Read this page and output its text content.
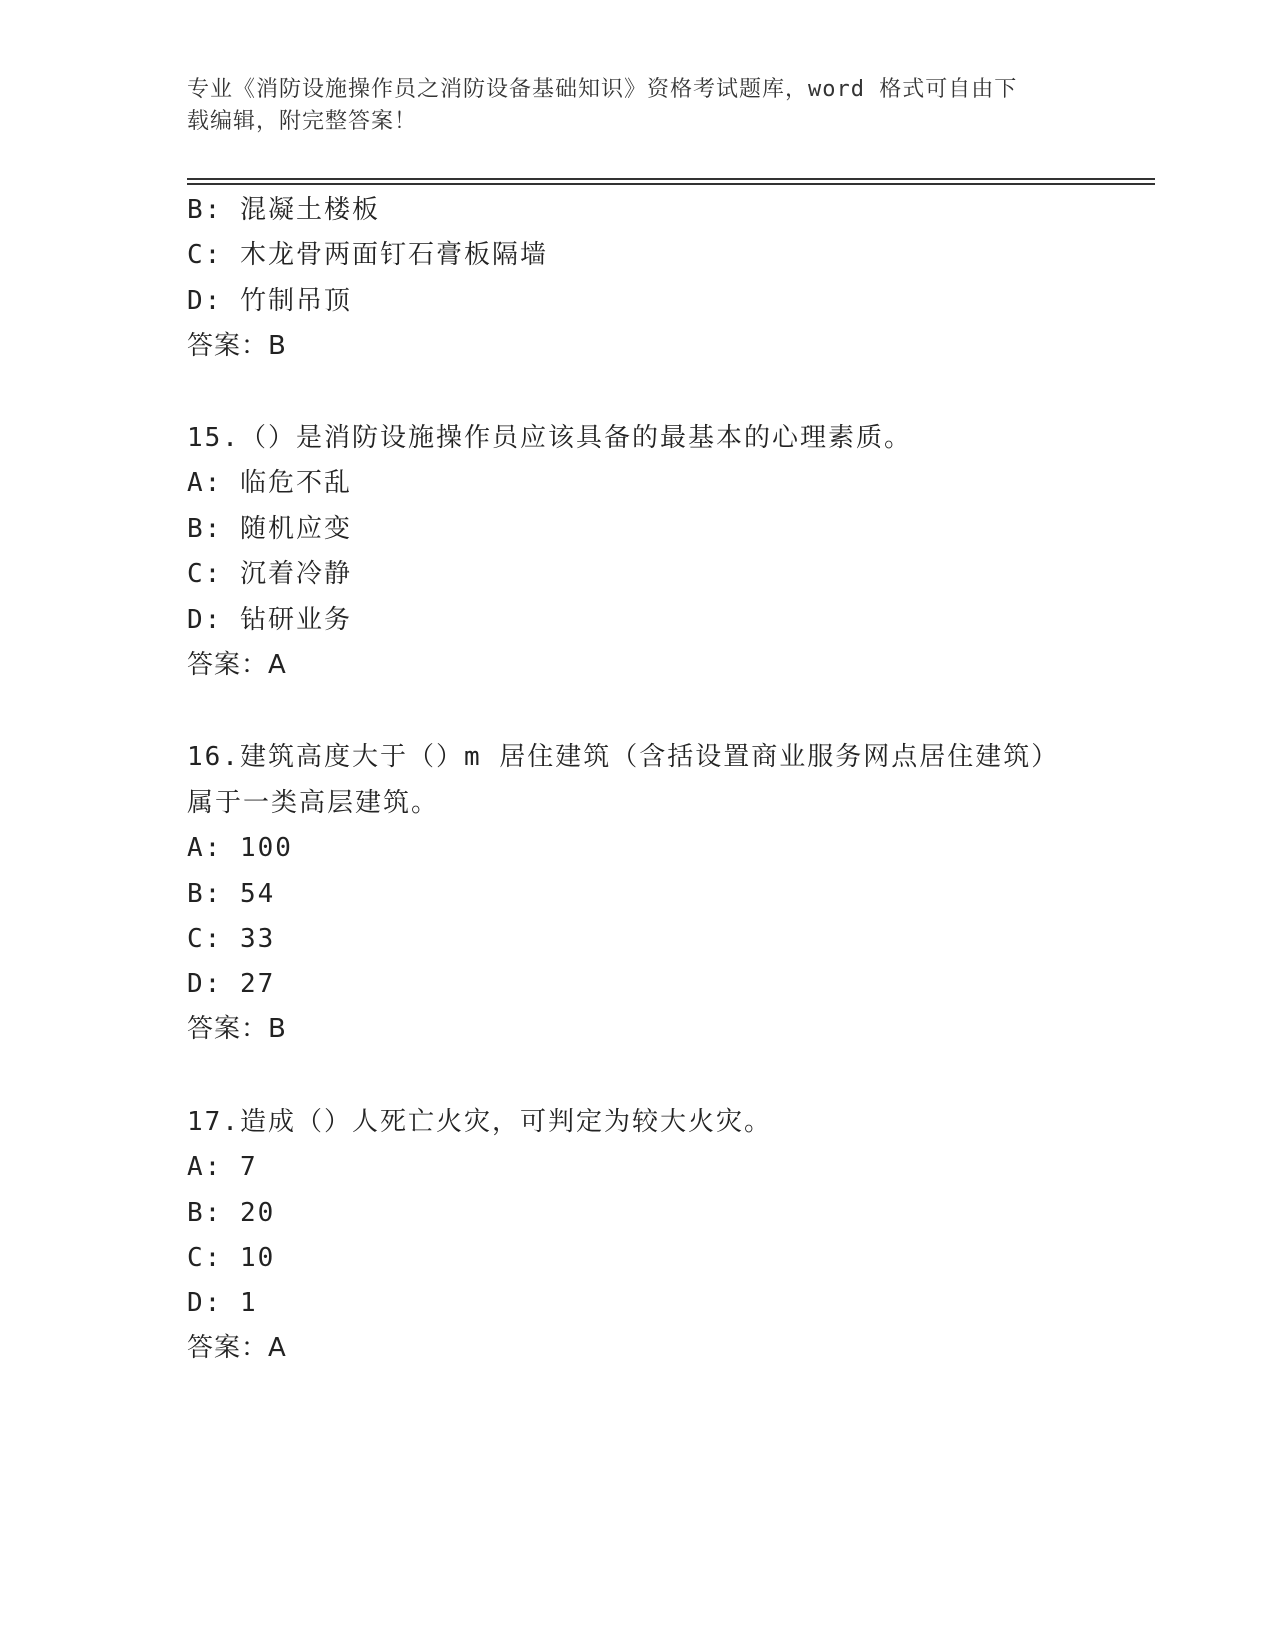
专业《消防设施操作员之消防设备基础知识》资格考试题库，word 格式可自由下
载编辑，附完整答案！
B: 混凝土楼板
C: 木龙骨两面钉石膏板隔墙
D: 竹制吊顶
答案：B
15.（）是消防设施操作员应该具备的最基本的心理素质。
A: 临危不乱
B: 随机应变
C: 沉着冷静
D: 钻研业务
答案：A
16.建筑高度大于（）m 居住建筑（含括设置商业服务网点居住建筑）
属于一类高层建筑。
A: 100
B: 54
C: 33
D: 27
答案：B
17.造成（）人死亡火灾，可判定为较大火灾。
A: 7
B: 20
C: 10
D: 1
答案：A
